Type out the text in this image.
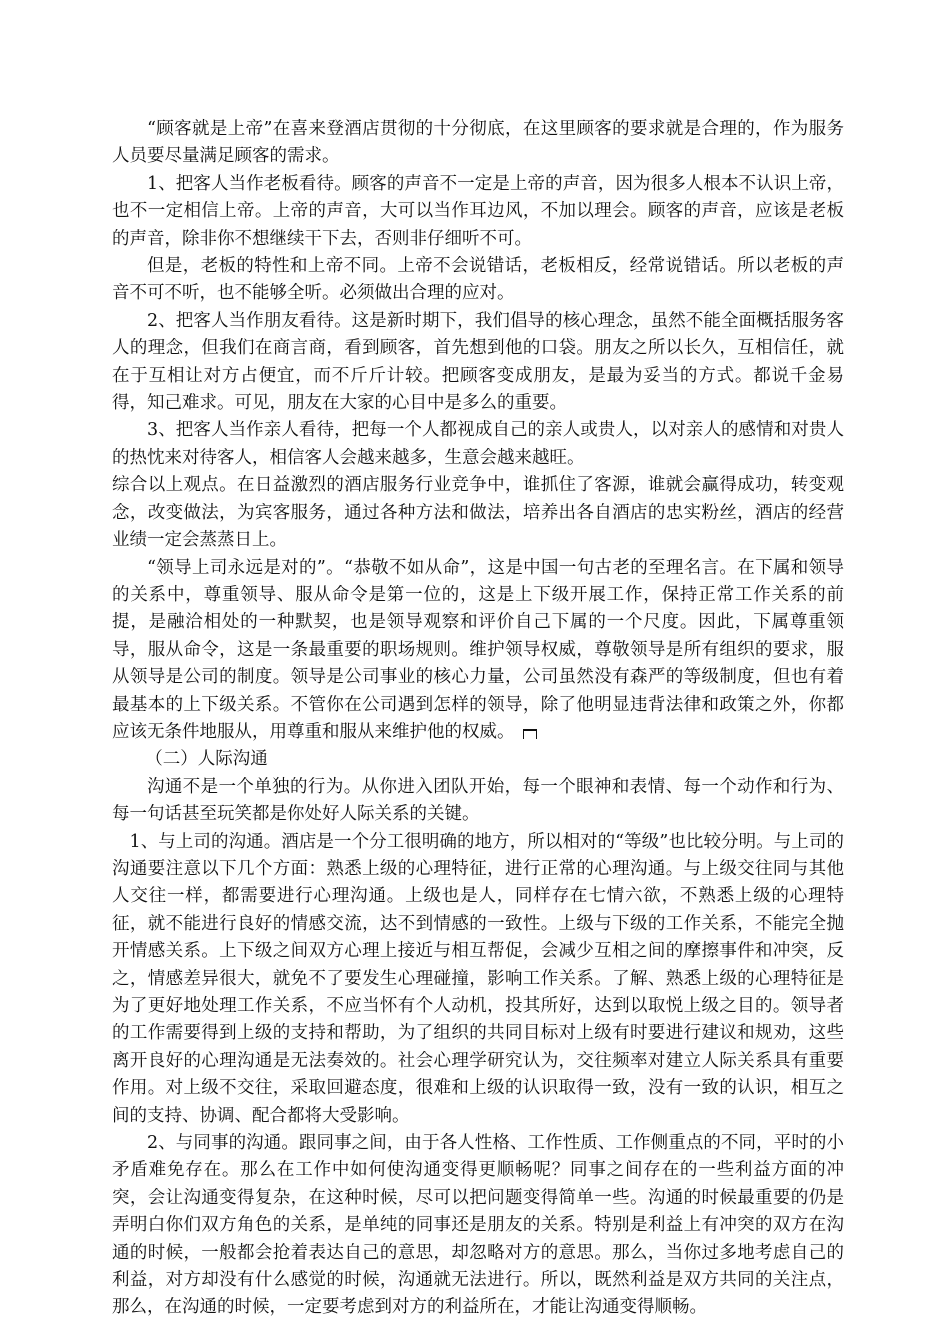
“顾客就是上帝”在喜来登酒店贯彻的十分彻底，在这里顾客的要求就是合理的，作为服务人员要尽量满足顾客的需求。

1、把客人当作老板看待。顾客的声音不一定是上帝的声音，因为很多人根本不认识上帝，也不一定相信上帝。上帝的声音，大可以当作耳边风，不加以理会。顾客的声音，应该是老板的声音，除非你不想继续干下去，否则非仔细听不可。

但是，老板的特性和上帝不同。上帝不会说错话，老板相反，经常说错话。所以老板的声音不可不听，也不能够全听。必须做出合理的应对。

2、把客人当作朋友看待。这是新时期下，我们倡导的核心理念，虽然不能全面概括服务客人的理念，但我们在商言商，看到顾客，首先想到他的口袋。朋友之所以长久，互相信任，就在于互相让对方占便宜，而不斤斤计较。把顾客变成朋友，是最为妥当的方式。都说千金易得，知己难求。可见，朋友在大家的心目中是多么的重要。

3、把客人当作亲人看待，把每一个人都视成自己的亲人或贵人，以对亲人的感情和对贵人的热忱来对待客人，相信客人会越来越多，生意会越来越旺。

综合以上观点。在日益激烈的酒店服务行业竞争中，谁抓住了客源，谁就会赢得成功，转变观念，改变做法，为宾客服务，通过各种方法和做法，培养出各自酒店的忠实粉丝，酒店的经营业绩一定会蒸蒸日上。

“领导上司永远是对的”。“恭敬不如从命”，这是中国一句古老的至理名言。在下属和领导的关系中，尊重领导、服从命令是第一位的，这是上下级开展工作，保持正常工作关系的前提，是融洽相处的一种默契，也是领导观察和评价自己下属的一个尺度。因此，下属尊重领导，服从命令，这是一条最重要的职场规则。维护领导权威，尊敬领导是所有组织的要求，服从领导是公司的制度。领导是公司事业的核心力量，公司虽然没有森严的等级制度，但也有着最基本的上下级关系。不管你在公司遇到怎样的领导，除了他明显违背法律和政策之外，你都应该无条件地服从，用尊重和服从来维护他的权威。

（二）人际沟通

沟通不是一个单独的行为。从你进入团队开始，每一个眼神和表情、每一个动作和行为、每一句话甚至玩笑都是你处好人际关系的关键。

1、与上司的沟通。酒店是一个分工很明确的地方，所以相对的“等级”也比较分明。与上司的沟通要注意以下几个方面：熟悉上级的心理特征，进行正常的心理沟通。与上级交往同与其他人交往一样，都需要进行心理沟通。上级也是人，同样存在七情六欲，不熟悉上级的心理特征，就不能进行良好的情感交流，达不到情感的一致性。上级与下级的工作关系，不能完全抛开情感关系。上下级之间双方心理上接近与相互帮促，会减少互相之间的摩擦事件和冲突，反之，情感差异很大，就免不了要发生心理碰撞，影响工作关系。了解、熟悉上级的心理特征是为了更好地处理工作关系，不应当怀有个人动机，投其所好，达到以取悦上级之目的。领导者的工作需要得到上级的支持和帮助，为了组织的共同目标对上级有时要进行建议和规劝，这些离开良好的心理沟通是无法奏效的。社会心理学研究认为，交往频率对建立人际关系具有重要作用。对上级不交往，采取回避态度，很难和上级的认识取得一致，没有一致的认识，相互之间的支持、协调、配合都将大受影响。

2、与同事的沟通。跟同事之间，由于各人性格、工作性质、工作侧重点的不同，平时的小矛盾难免存在。那么在工作中如何使沟通变得更顺畅呢？同事之间存在的一些利益方面的冲突，会让沟通变得复杂，在这种时候，尽可以把问题变得简单一些。沟通的时候最重要的仍是弄明白你们双方角色的关系，是单纯的同事还是朋友的关系。特别是利益上有冲突的双方在沟通的时候，一般都会抢着表达自己的意思，却忽略对方的意思。那么，当你过多地考虑自己的利益，对方却没有什么感觉的时候，沟通就无法进行。所以，既然利益是双方共同的关注点，那么，在沟通的时候，一定要考虑到对方的利益所在，才能让沟通变得顺畅。
